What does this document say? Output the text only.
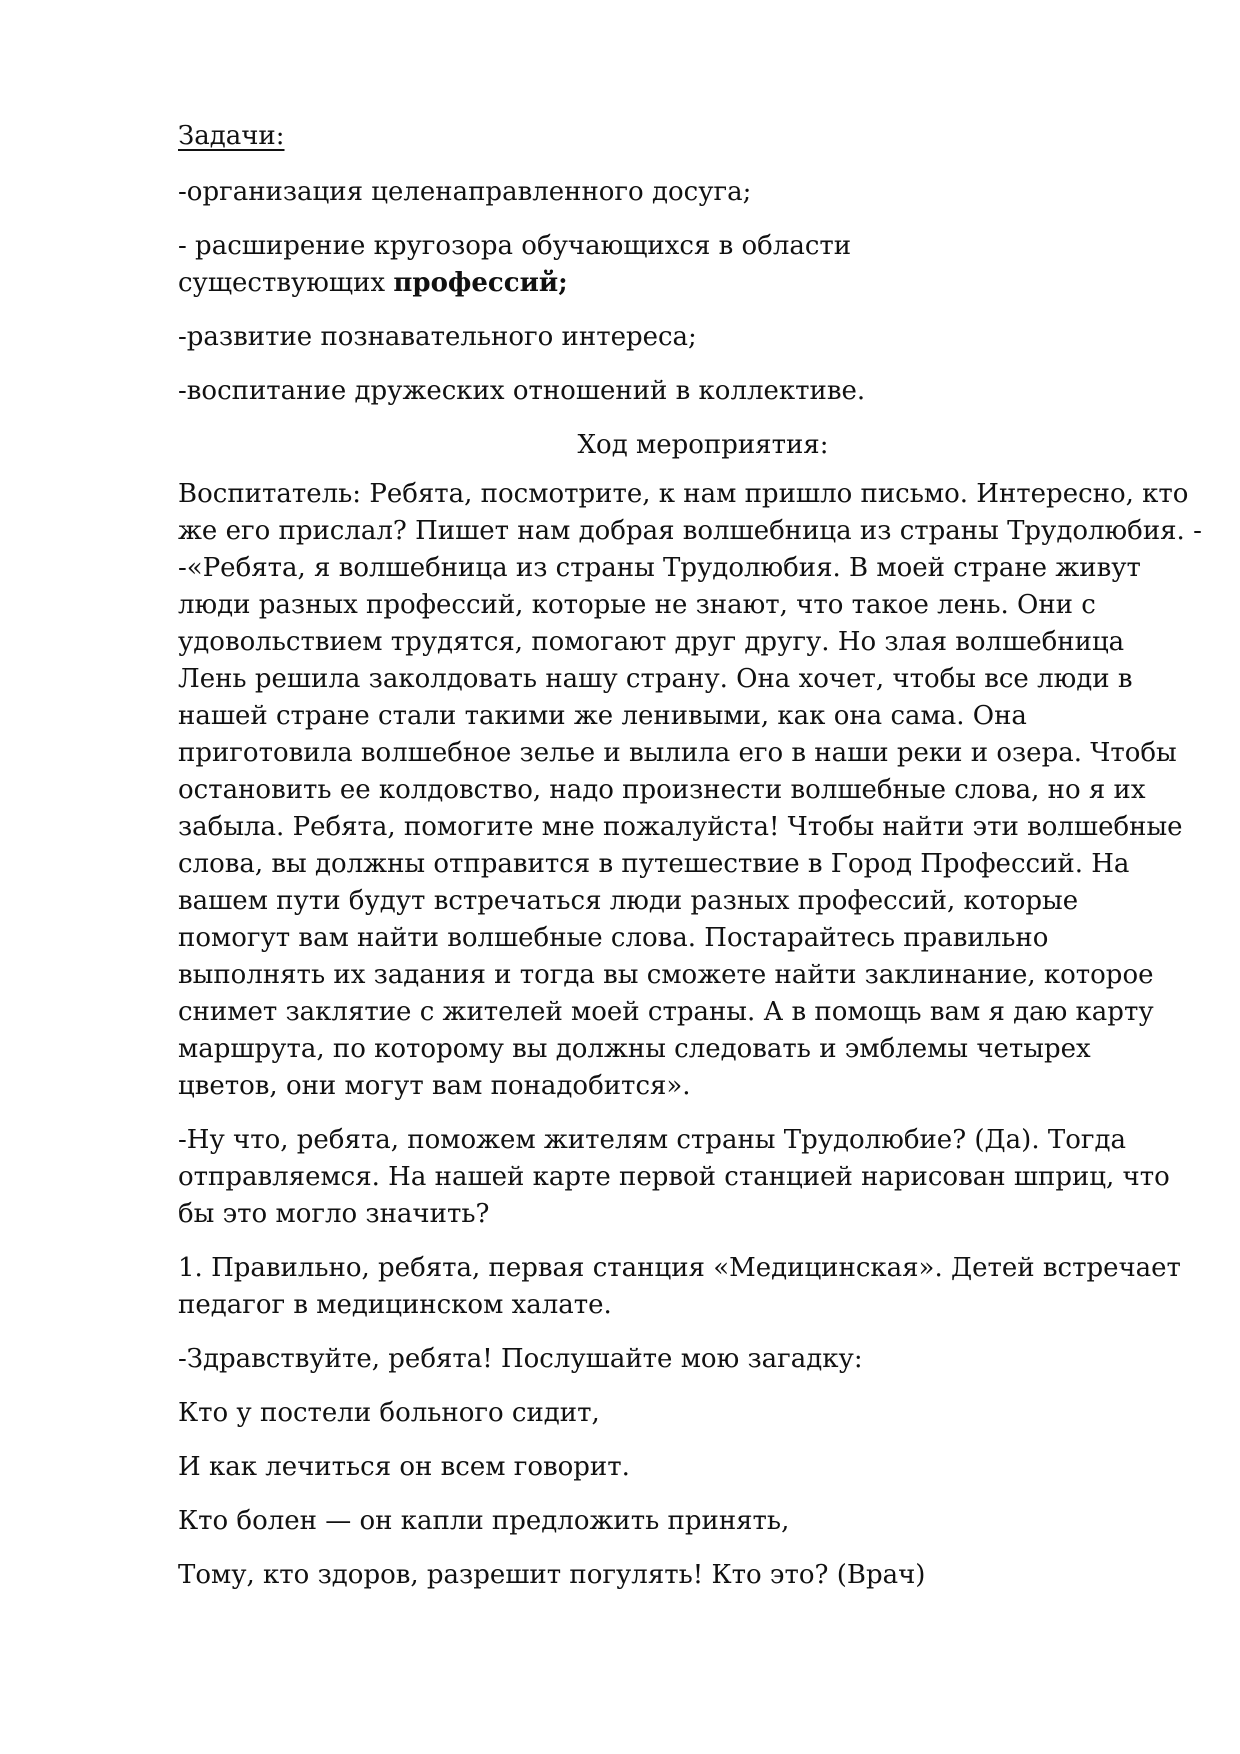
Задачи:

-организация целенаправленного досуга;

- расширение кругозора обучающихся в области
существующих профессий;

-развитие познавательного интереса;

-воспитание дружеских отношений в коллективе.

Ход мероприятия:

Воспитатель: Ребята, посмотрите, к нам пришло письмо. Интересно, кто
же его прислал? Пишет нам добрая волшебница из страны Трудолюбия. -
-«Ребята, я волшебница из страны Трудолюбия. В моей стране живут
люди разных профессий, которые не знают, что такое лень. Они с
удовольствием трудятся, помогают друг другу. Но злая волшебница
Лень решила заколдовать нашу страну. Она хочет, чтобы все люди в
нашей стране стали такими же ленивыми, как она сама. Она
приготовила волшебное зелье и вылила его в наши реки и озера. Чтобы
остановить ее колдовство, надо произнести волшебные слова, но я их
забыла. Ребята, помогите мне пожалуйста! Чтобы найти эти волшебные
слова, вы должны отправится в путешествие в Город Профессий. На
вашем пути будут встречаться люди разных профессий, которые
помогут вам найти волшебные слова. Постарайтесь правильно
выполнять их задания и тогда вы сможете найти заклинание, которое
снимет заклятие с жителей моей страны. А в помощь вам я даю карту
маршрута, по которому вы должны следовать и эмблемы четырех
цветов, они могут вам понадобится».

-Ну что, ребята, поможем жителям страны Трудолюбие? (Да). Тогда
отправляемся. На нашей карте первой станцией нарисован шприц, что
бы это могло значить?

1. Правильно, ребята, первая станция «Медицинская». Детей встречает
педагог в медицинском халате.

-Здравствуйте, ребята! Послушайте мою загадку:

Кто у постели больного сидит,

И как лечиться он всем говорит.

Кто болен — он капли предложить принять,

Тому, кто здоров, разрешит погулять! Кто это? (Врач)
